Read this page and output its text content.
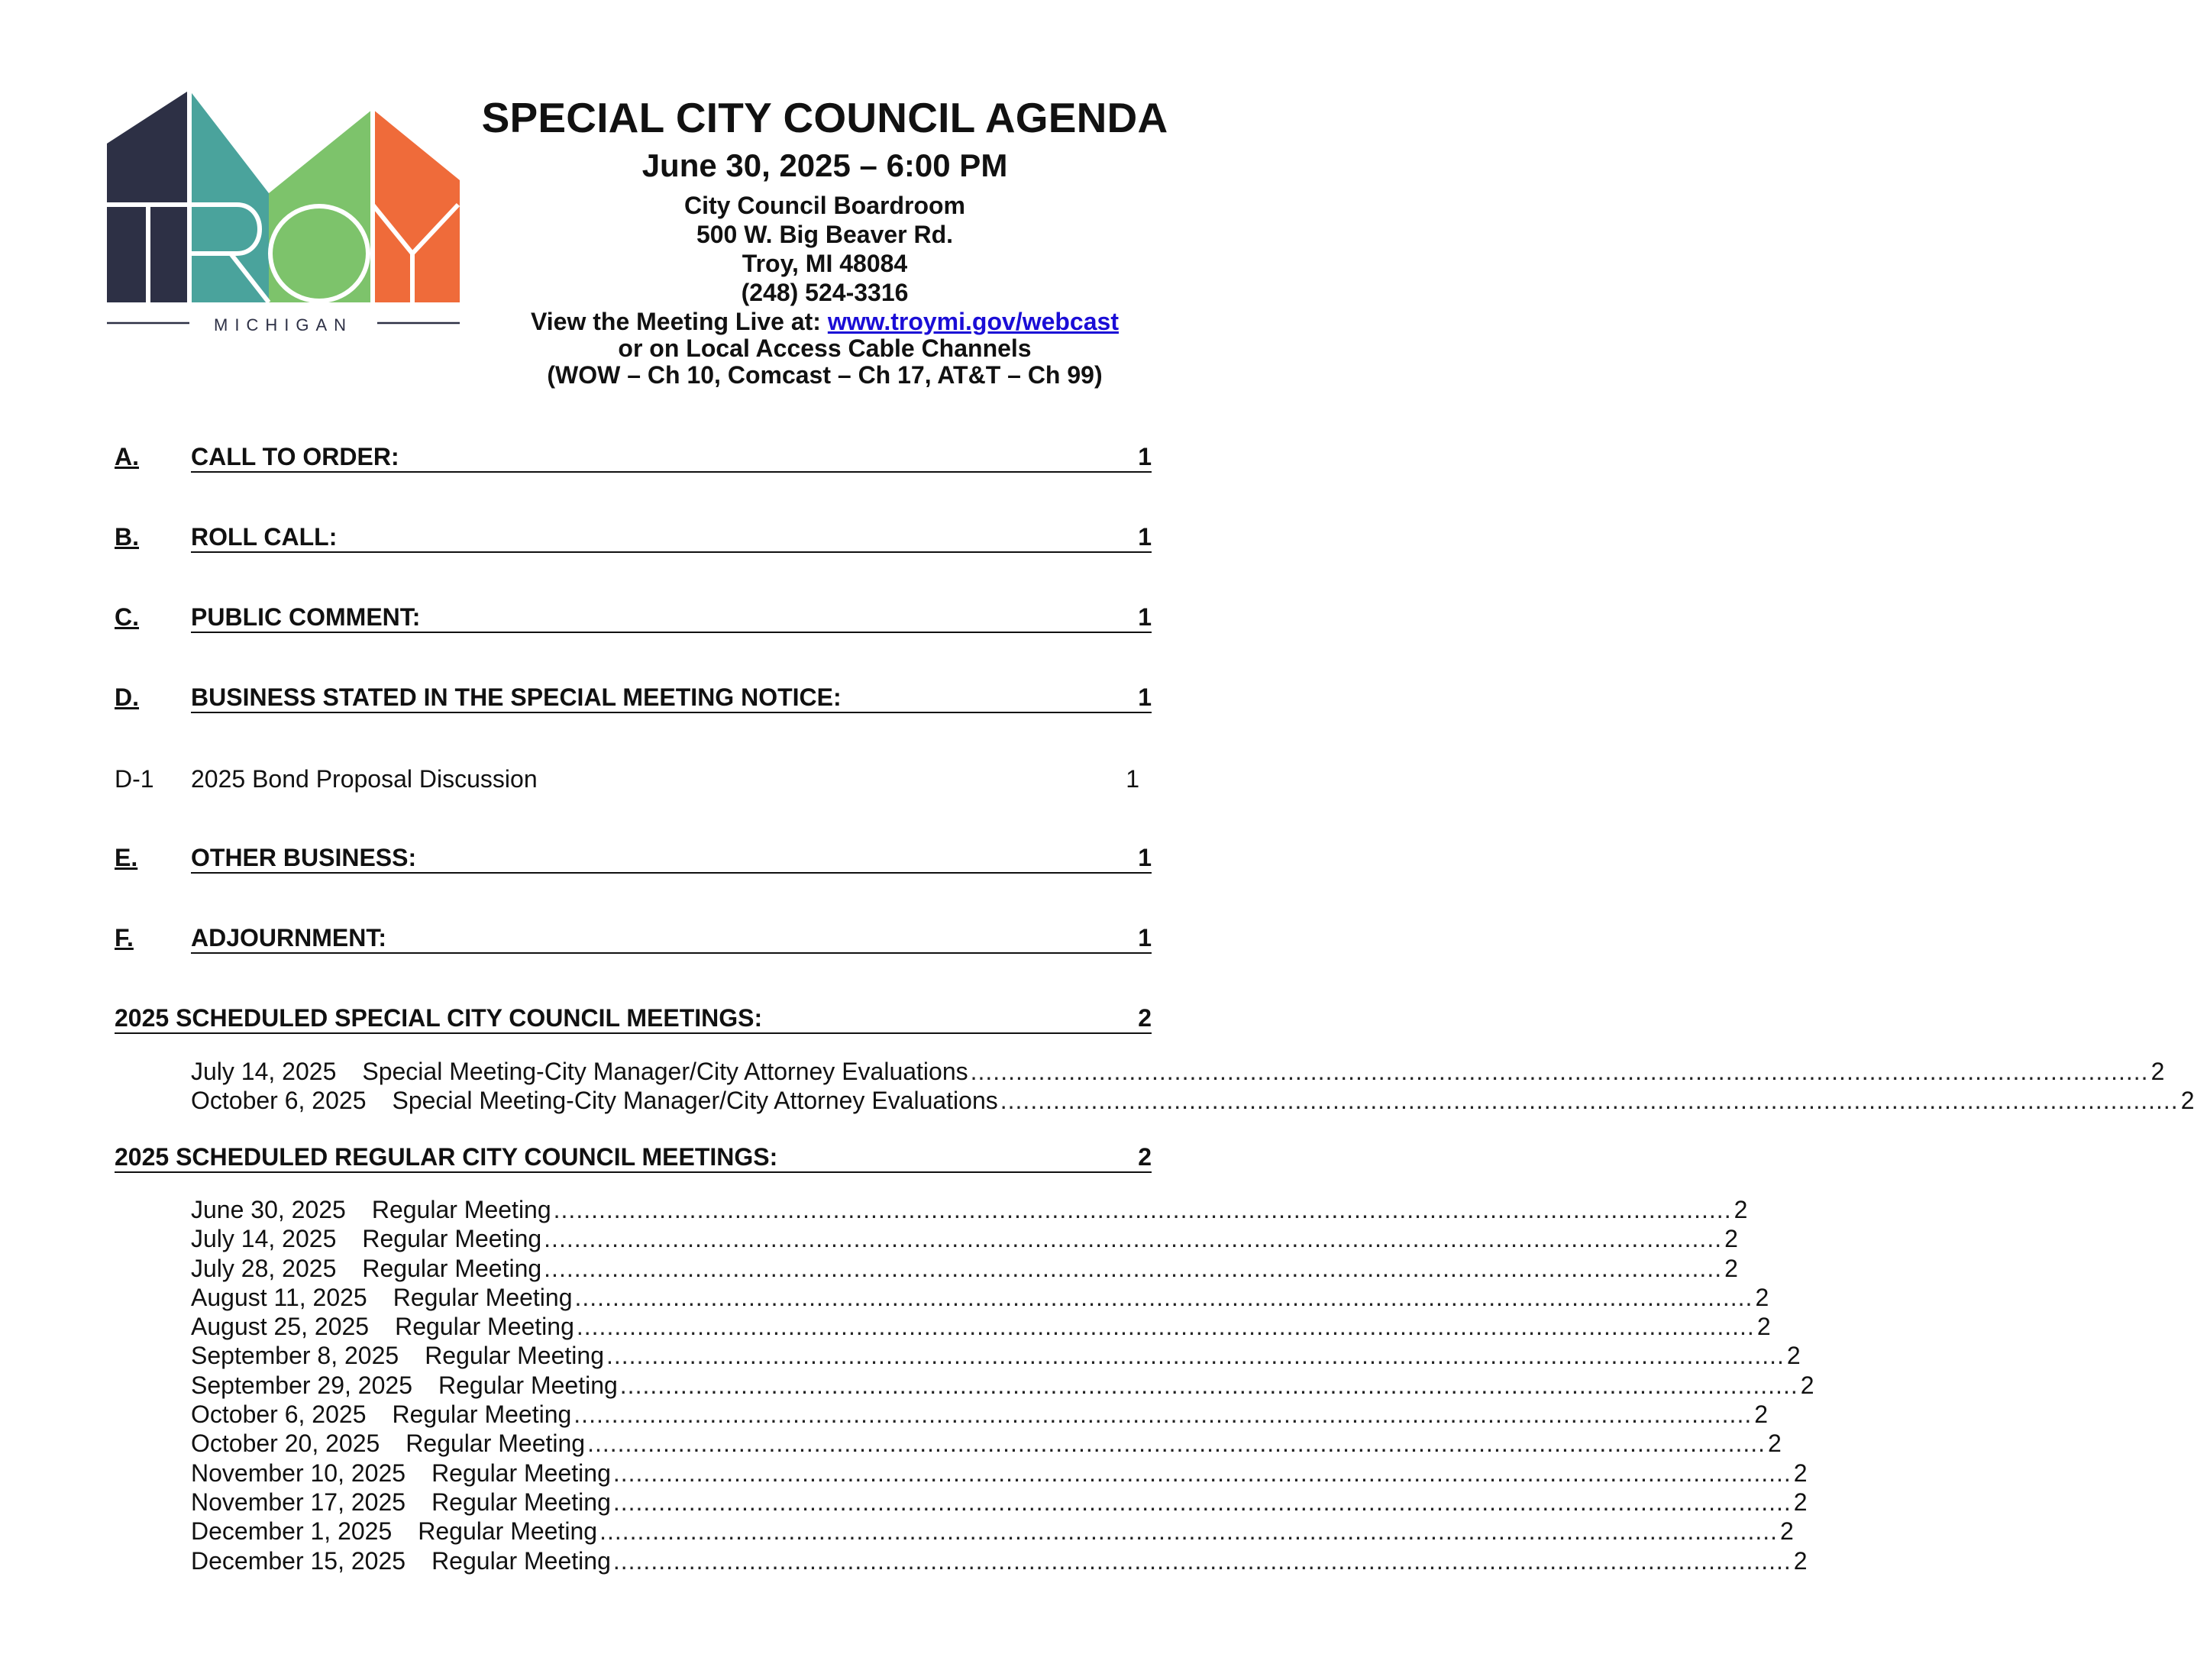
MICHIGAN
SPECIAL CITY COUNCIL AGENDA
June 30, 2025 – 6:00 PM
City Council Boardroom
500 W. Big Beaver Rd.
Troy, MI 48084
(248) 524-3316
View the Meeting Live at: www.troymi.gov/webcast
or on Local Access Cable Channels
(WOW – Ch 10, Comcast – Ch 17, AT&T – Ch 99)
A. CALL TO ORDER:	1
B. ROLL CALL:	1
C. PUBLIC COMMENT:	1
D. BUSINESS STATED IN THE SPECIAL MEETING NOTICE:	1
D-1 2025 Bond Proposal Discussion	1
E. OTHER BUSINESS:	1
F. ADJOURNMENT:	1
2025 SCHEDULED SPECIAL CITY COUNCIL MEETINGS:	2
July 14, 2025 Special Meeting-City Manager/City Attorney Evaluations ............................................................................................................................................................ 2
October 6, 2025 Special Meeting-City Manager/City Attorney Evaluations ............................................................................................................................................................ 2
2025 SCHEDULED REGULAR CITY COUNCIL MEETINGS:	2
June 30, 2025 Regular Meeting ............................................................................................................................................................ 2
July 14, 2025 Regular Meeting ............................................................................................................................................................ 2
July 28, 2025 Regular Meeting ............................................................................................................................................................ 2
August 11, 2025 Regular Meeting ............................................................................................................................................................ 2
August 25, 2025 Regular Meeting ............................................................................................................................................................ 2
September 8, 2025 Regular Meeting ............................................................................................................................................................ 2
September 29, 2025 Regular Meeting ............................................................................................................................................................ 2
October 6, 2025 Regular Meeting ............................................................................................................................................................ 2
October 20, 2025 Regular Meeting ............................................................................................................................................................ 2
November 10, 2025 Regular Meeting ............................................................................................................................................................ 2
November 17, 2025 Regular Meeting ............................................................................................................................................................ 2
December 1, 2025 Regular Meeting ............................................................................................................................................................ 2
December 15, 2025 Regular Meeting ............................................................................................................................................................ 2
